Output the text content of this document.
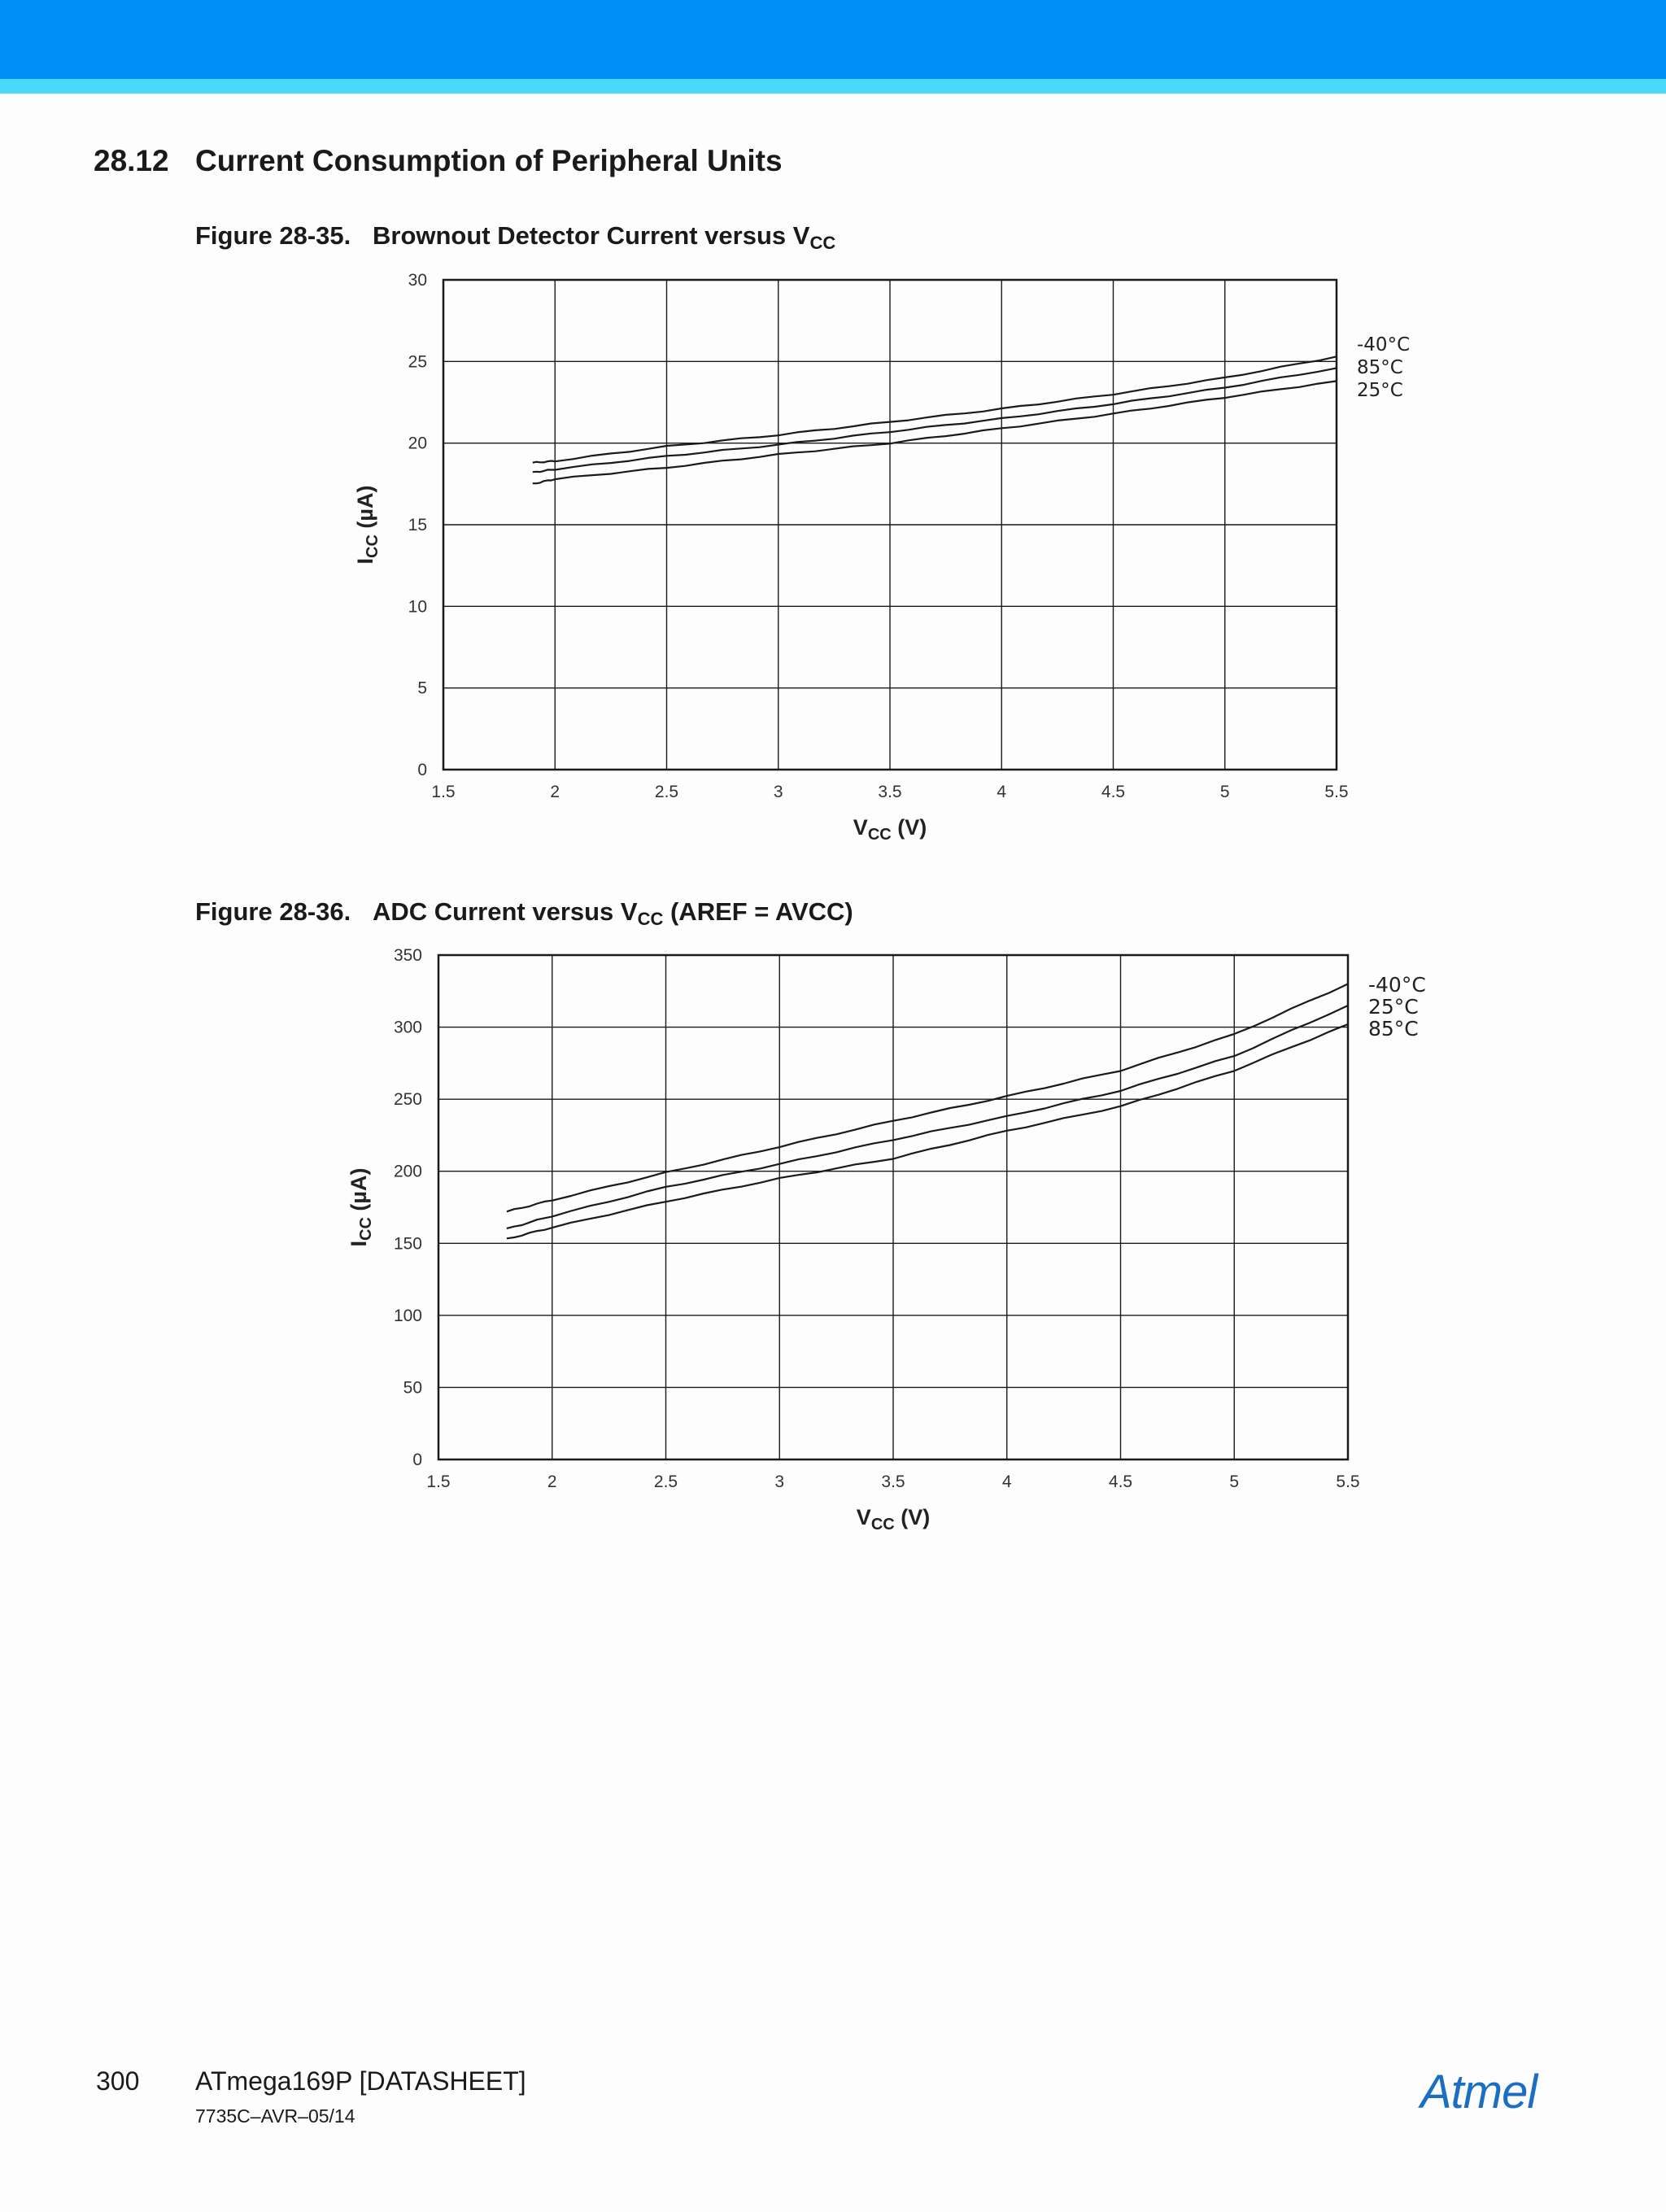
28.12 Current Consumption of Peripheral Units
Figure 28-35. Brownout Detector Current versus $V_{CC}$
1.5	2	2.5	3	3.5	4	4.5	5	5.5
0
5
10
15
20
25
30
$V_{CC}$ (V)
$I_{CC}$ (µA)
-40°C
85°C
25°C
Figure 28-36. ADC Current versus $V_{CC}$ (AREF = AVCC)
1.5	2	2.5	3	3.5	4	4.5	5	5.5
0
50
100
150
200
250
300
350
$V_{CC}$ (V)
$I_{CC}$ (µA)
-40°C
25°C
85°C
300 ATmega169P [DATASHEET]
7735C–AVR–05/14	Atmel
